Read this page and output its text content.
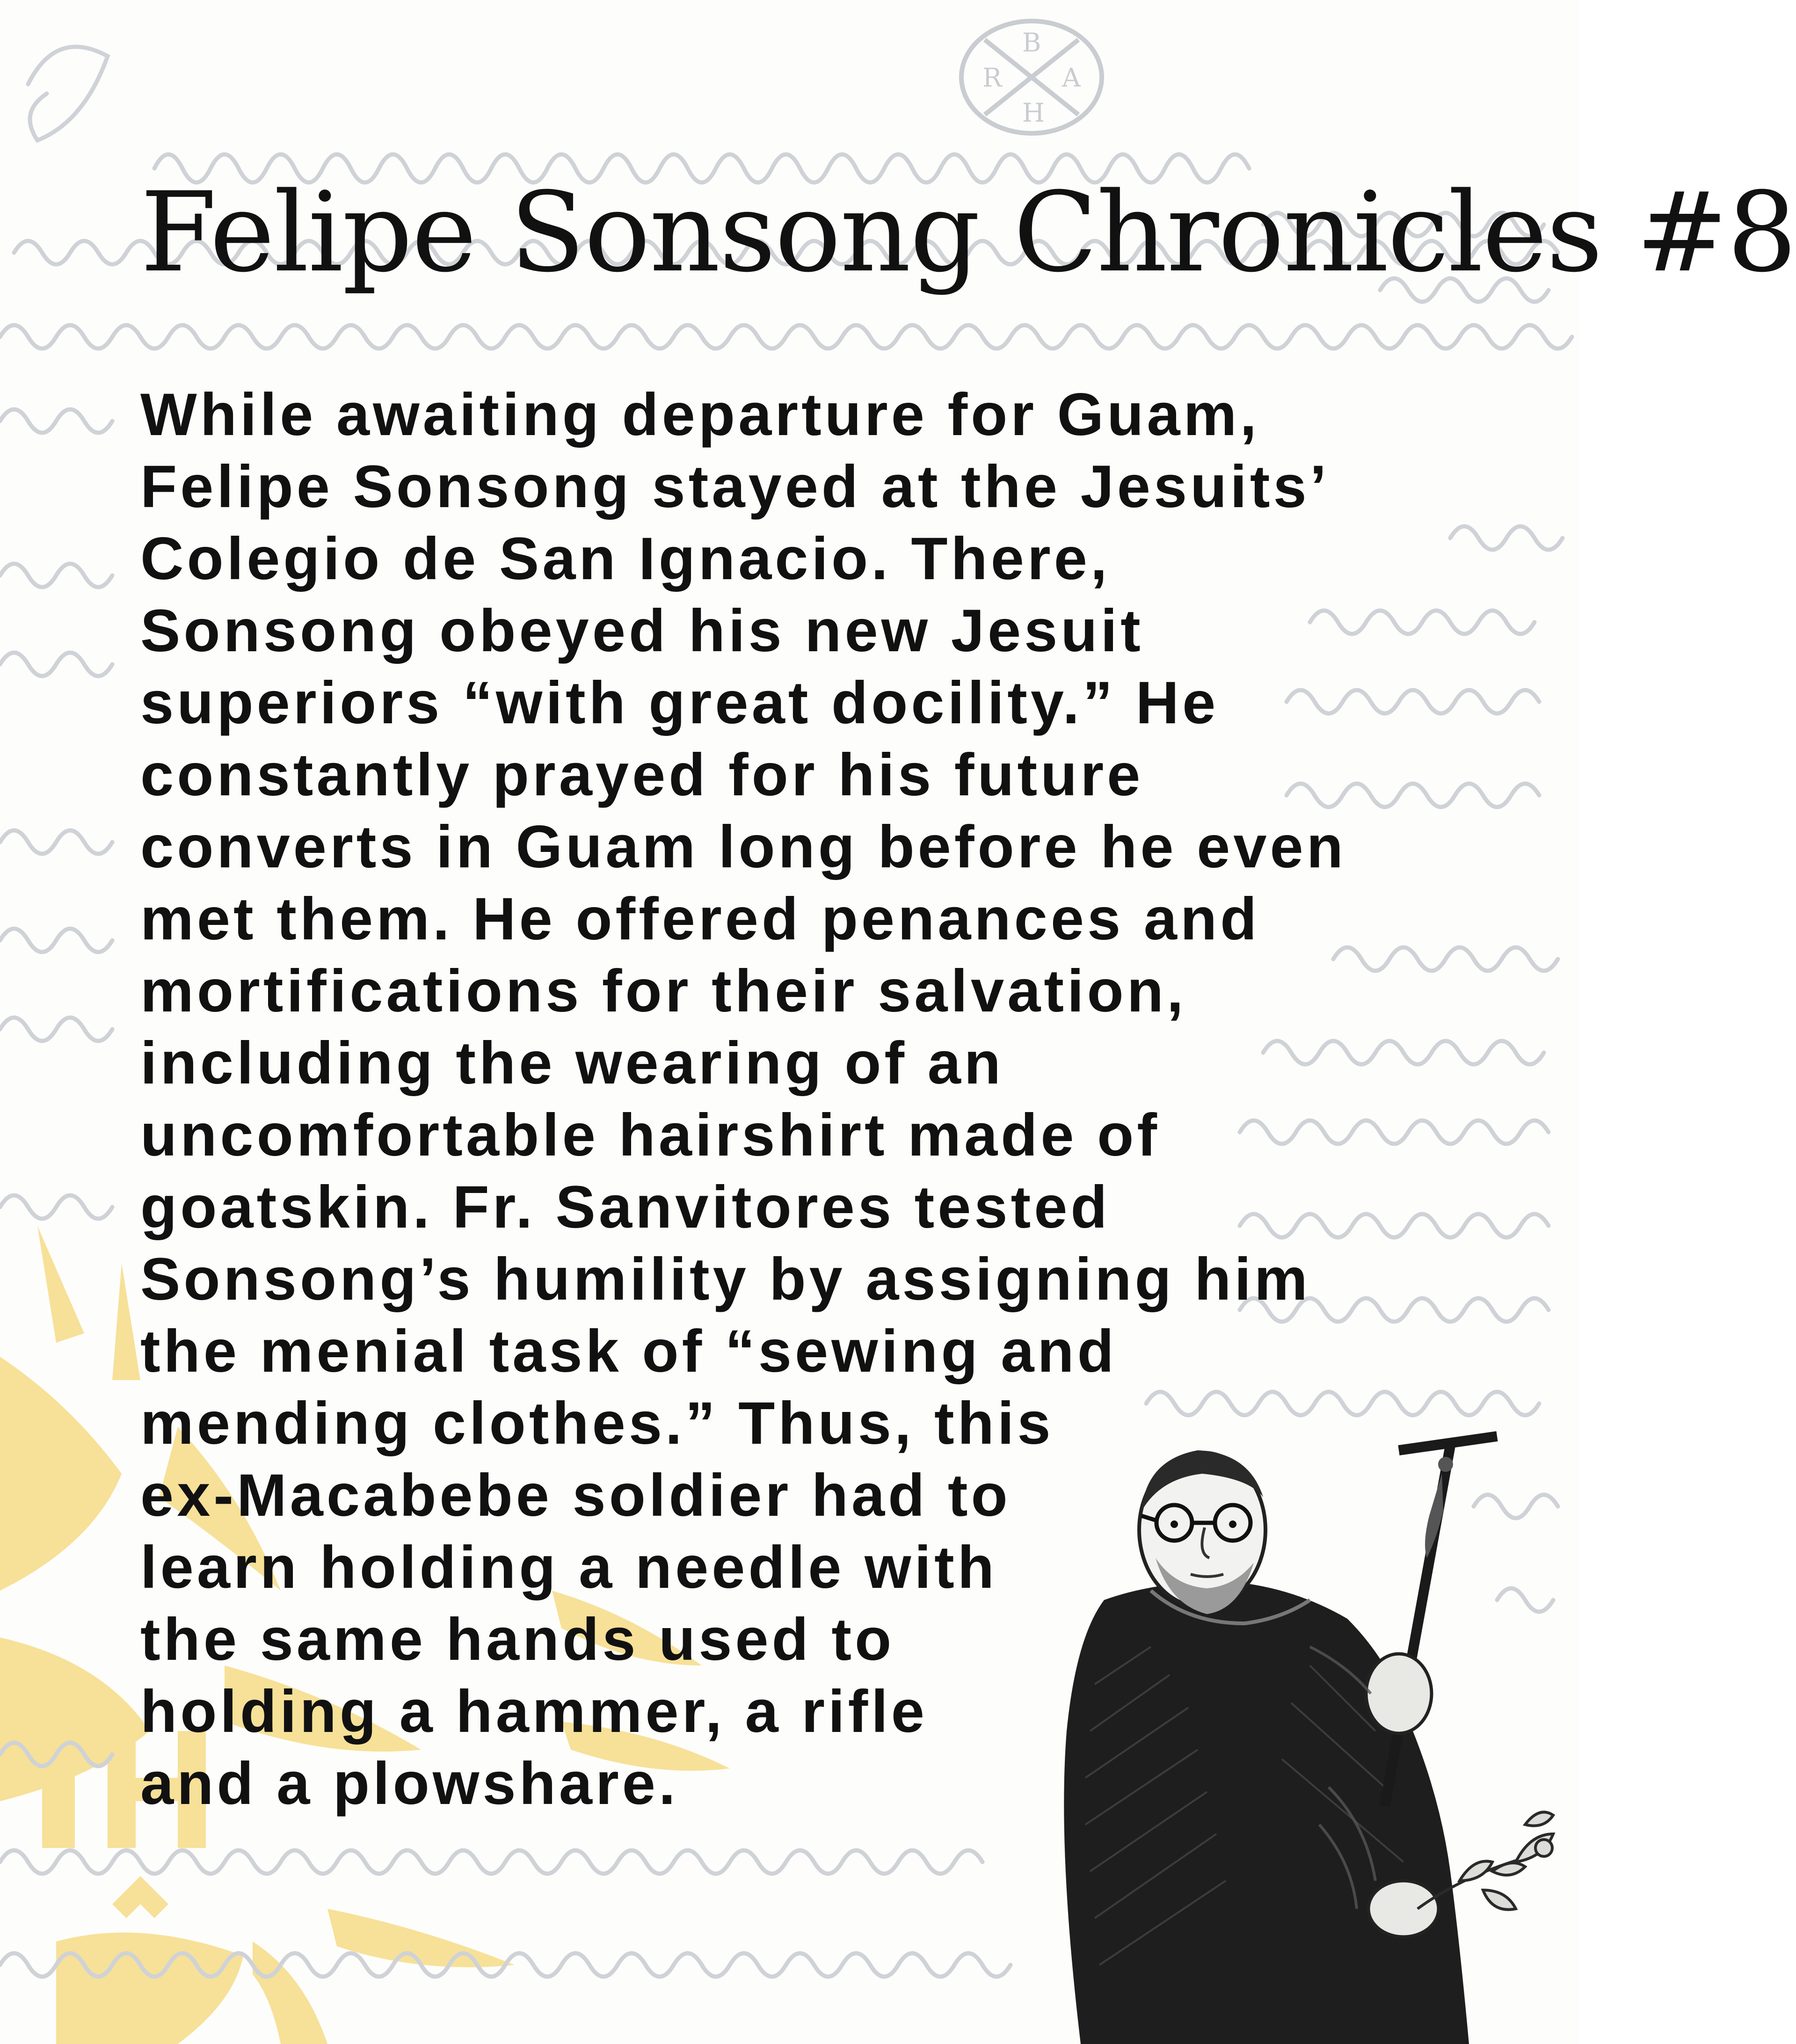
B
R A
H
Felipe Sonsong Chronicles #8
While awaiting departure for Guam,
Felipe Sonsong stayed at the Jesuits’
Colegio de San Ignacio. There,
Sonsong obeyed his new Jesuit
superiors “with great docility.” He
constantly prayed for his future
converts in Guam long before he even
met them. He offered penances and
mortifications for their salvation,
including the wearing of an
uncomfortable hairshirt made of
goatskin. Fr. Sanvitores tested
Sonsong’s humility by assigning him
the menial task of “sewing and
mending clothes.” Thus, this
ex-Macabebe soldier had to
learn holding a needle with
the same hands used to
holding a hammer, a rifle
and a plowshare.
